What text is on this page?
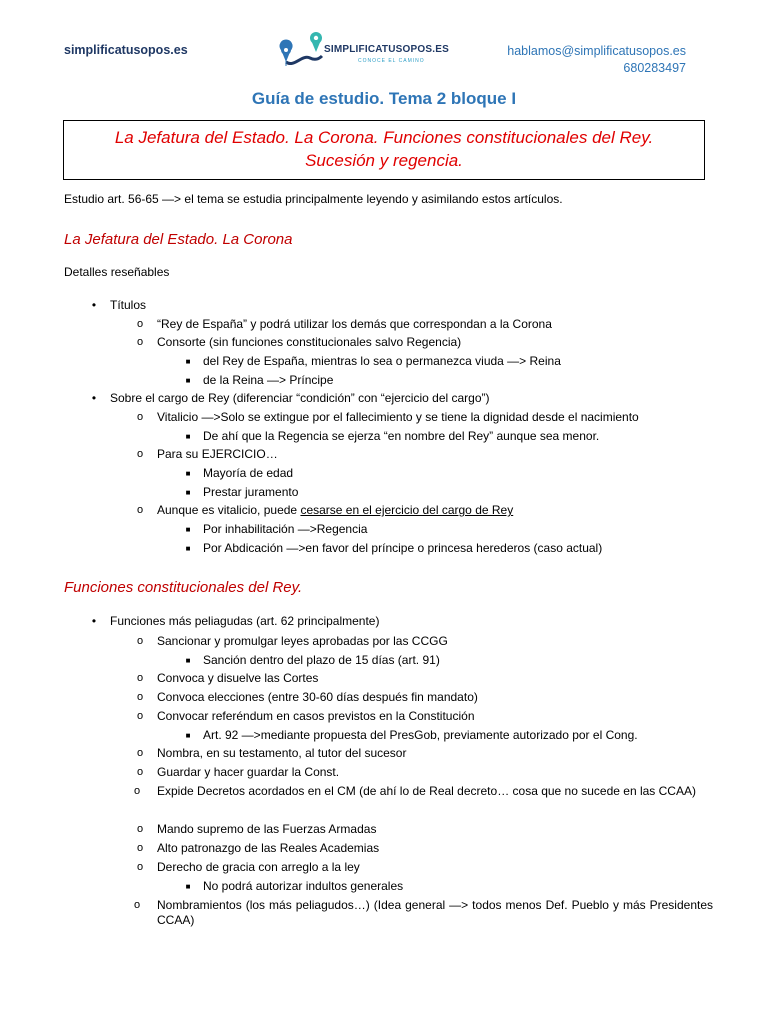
simplificatusopos.es	SIMPLIFICATUSOPOS.ES
CONOCE EL CAMINO
hablamos@simplificatusopos.es
680283497
Guía de estudio. Tema 2 bloque I
La Jefatura del Estado. La Corona. Funciones constitucionales del Rey.
Sucesión y regencia.
Estudio art. 56-65 —> el tema se estudia principalmente leyendo y asimilando estos artículos.
La Jefatura del Estado. La Corona
Detalles reseñables
•	Títulos
o “Rey de España” y podrá utilizar los demás que correspondan a la Corona
o Consorte (sin funciones constitucionales salvo Regencia)
■ del Rey de España, mientras lo sea o permanezca viuda —> Reina
■ de la Reina —> Príncipe
•	Sobre el cargo de Rey (diferenciar “condición” con “ejercicio del cargo”)
o Vitalicio —>Solo se extingue por el fallecimiento y se tiene la dignidad desde el nacimiento
■ De ahí que la Regencia se ejerza “en nombre del Rey” aunque sea menor.
o Para su EJERCICIO…
■ Mayoría de edad
■ Prestar juramento
o Aunque es vitalicio, puede cesarse en el ejercicio del cargo de Rey
■ Por inhabilitación —>Regencia
■ Por Abdicación —>en favor del príncipe o princesa herederos (caso actual)
Funciones constitucionales del Rey.
•	Funciones más peliagudas (art. 62 principalmente)
o Sancionar y promulgar leyes aprobadas por las CCGG
■ Sanción dentro del plazo de 15 días (art. 91)
o Convoca y disuelve las Cortes
o Convoca elecciones (entre 30-60 días después fin mandato)
o Convocar referéndum en casos previstos en la Constitución
■ Art. 92 —>mediante propuesta del PresGob, previamente autorizado por el Cong.
o Nombra, en su testamento, al tutor del sucesor
o Guardar y hacer guardar la Const.
o	Expide Decretos acordados en el CM (de ahí lo de Real decreto… cosa que no sucede en las CCAA)
o Mando supremo de las Fuerzas Armadas
o Alto patronazgo de las Reales Academias
o Derecho de gracia con arreglo a la ley
■ No podrá autorizar indultos generales
o	Nombramientos (los más peliagudos…) (Idea general —> todos menos Def. Pueblo y más Presidentes CCAA)
